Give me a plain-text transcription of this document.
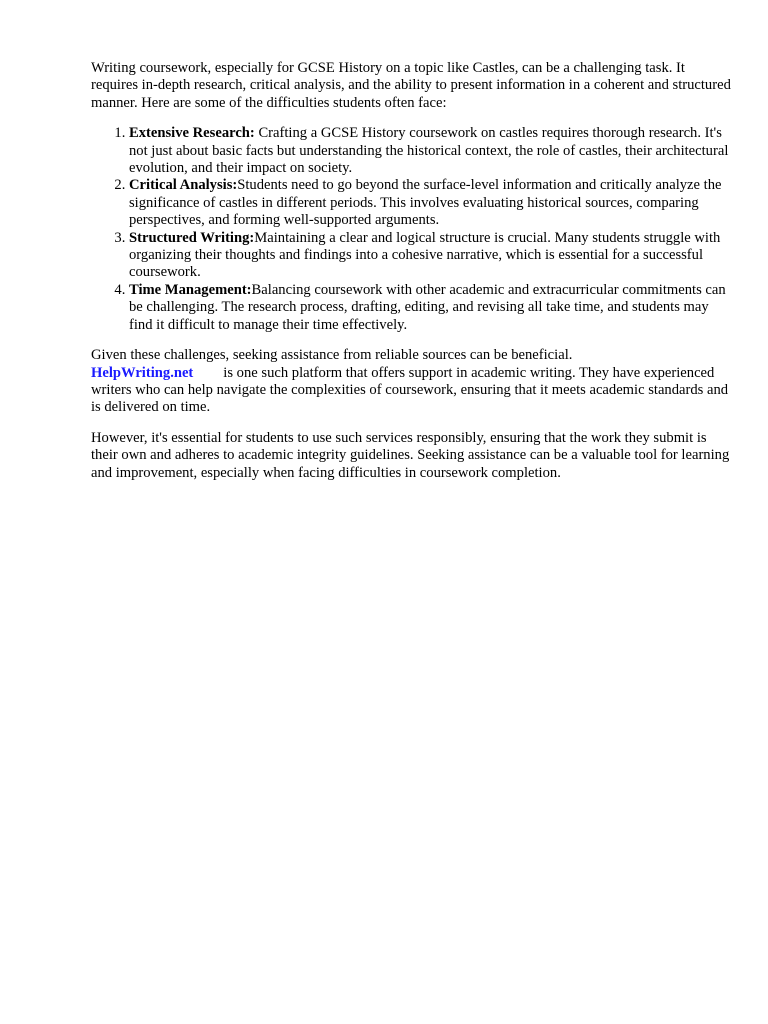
Writing coursework, especially for GCSE History on a topic like Castles, can be a challenging task. It requires in-depth research, critical analysis, and the ability to present information in a coherent and structured manner. Here are some of the difficulties students often face:

1. Extensive Research: Crafting a GCSE History coursework on castles requires thorough research. It's not just about basic facts but understanding the historical context, the role of castles, their architectural evolution, and their impact on society.
2. Critical Analysis:Students need to go beyond the surface-level information and critically analyze the significance of castles in different periods. This involves evaluating historical sources, comparing perspectives, and forming well-supported arguments.
3. Structured Writing:Maintaining a clear and logical structure is crucial. Many students struggle with organizing their thoughts and findings into a cohesive narrative, which is essential for a successful coursework.
4. Time Management:Balancing coursework with other academic and extracurricular commitments can be challenging. The research process, drafting, editing, and revising all take time, and students may find it difficult to manage their time effectively.

Given these challenges, seeking assistance from reliable sources can be beneficial.
HelpWriting.net is one such platform that offers support in academic writing. They have experienced writers who can help navigate the complexities of coursework, ensuring that it meets academic standards and is delivered on time.

However, it's essential for students to use such services responsibly, ensuring that the work they submit is their own and adheres to academic integrity guidelines. Seeking assistance can be a valuable tool for learning and improvement, especially when facing difficulties in coursework completion.
